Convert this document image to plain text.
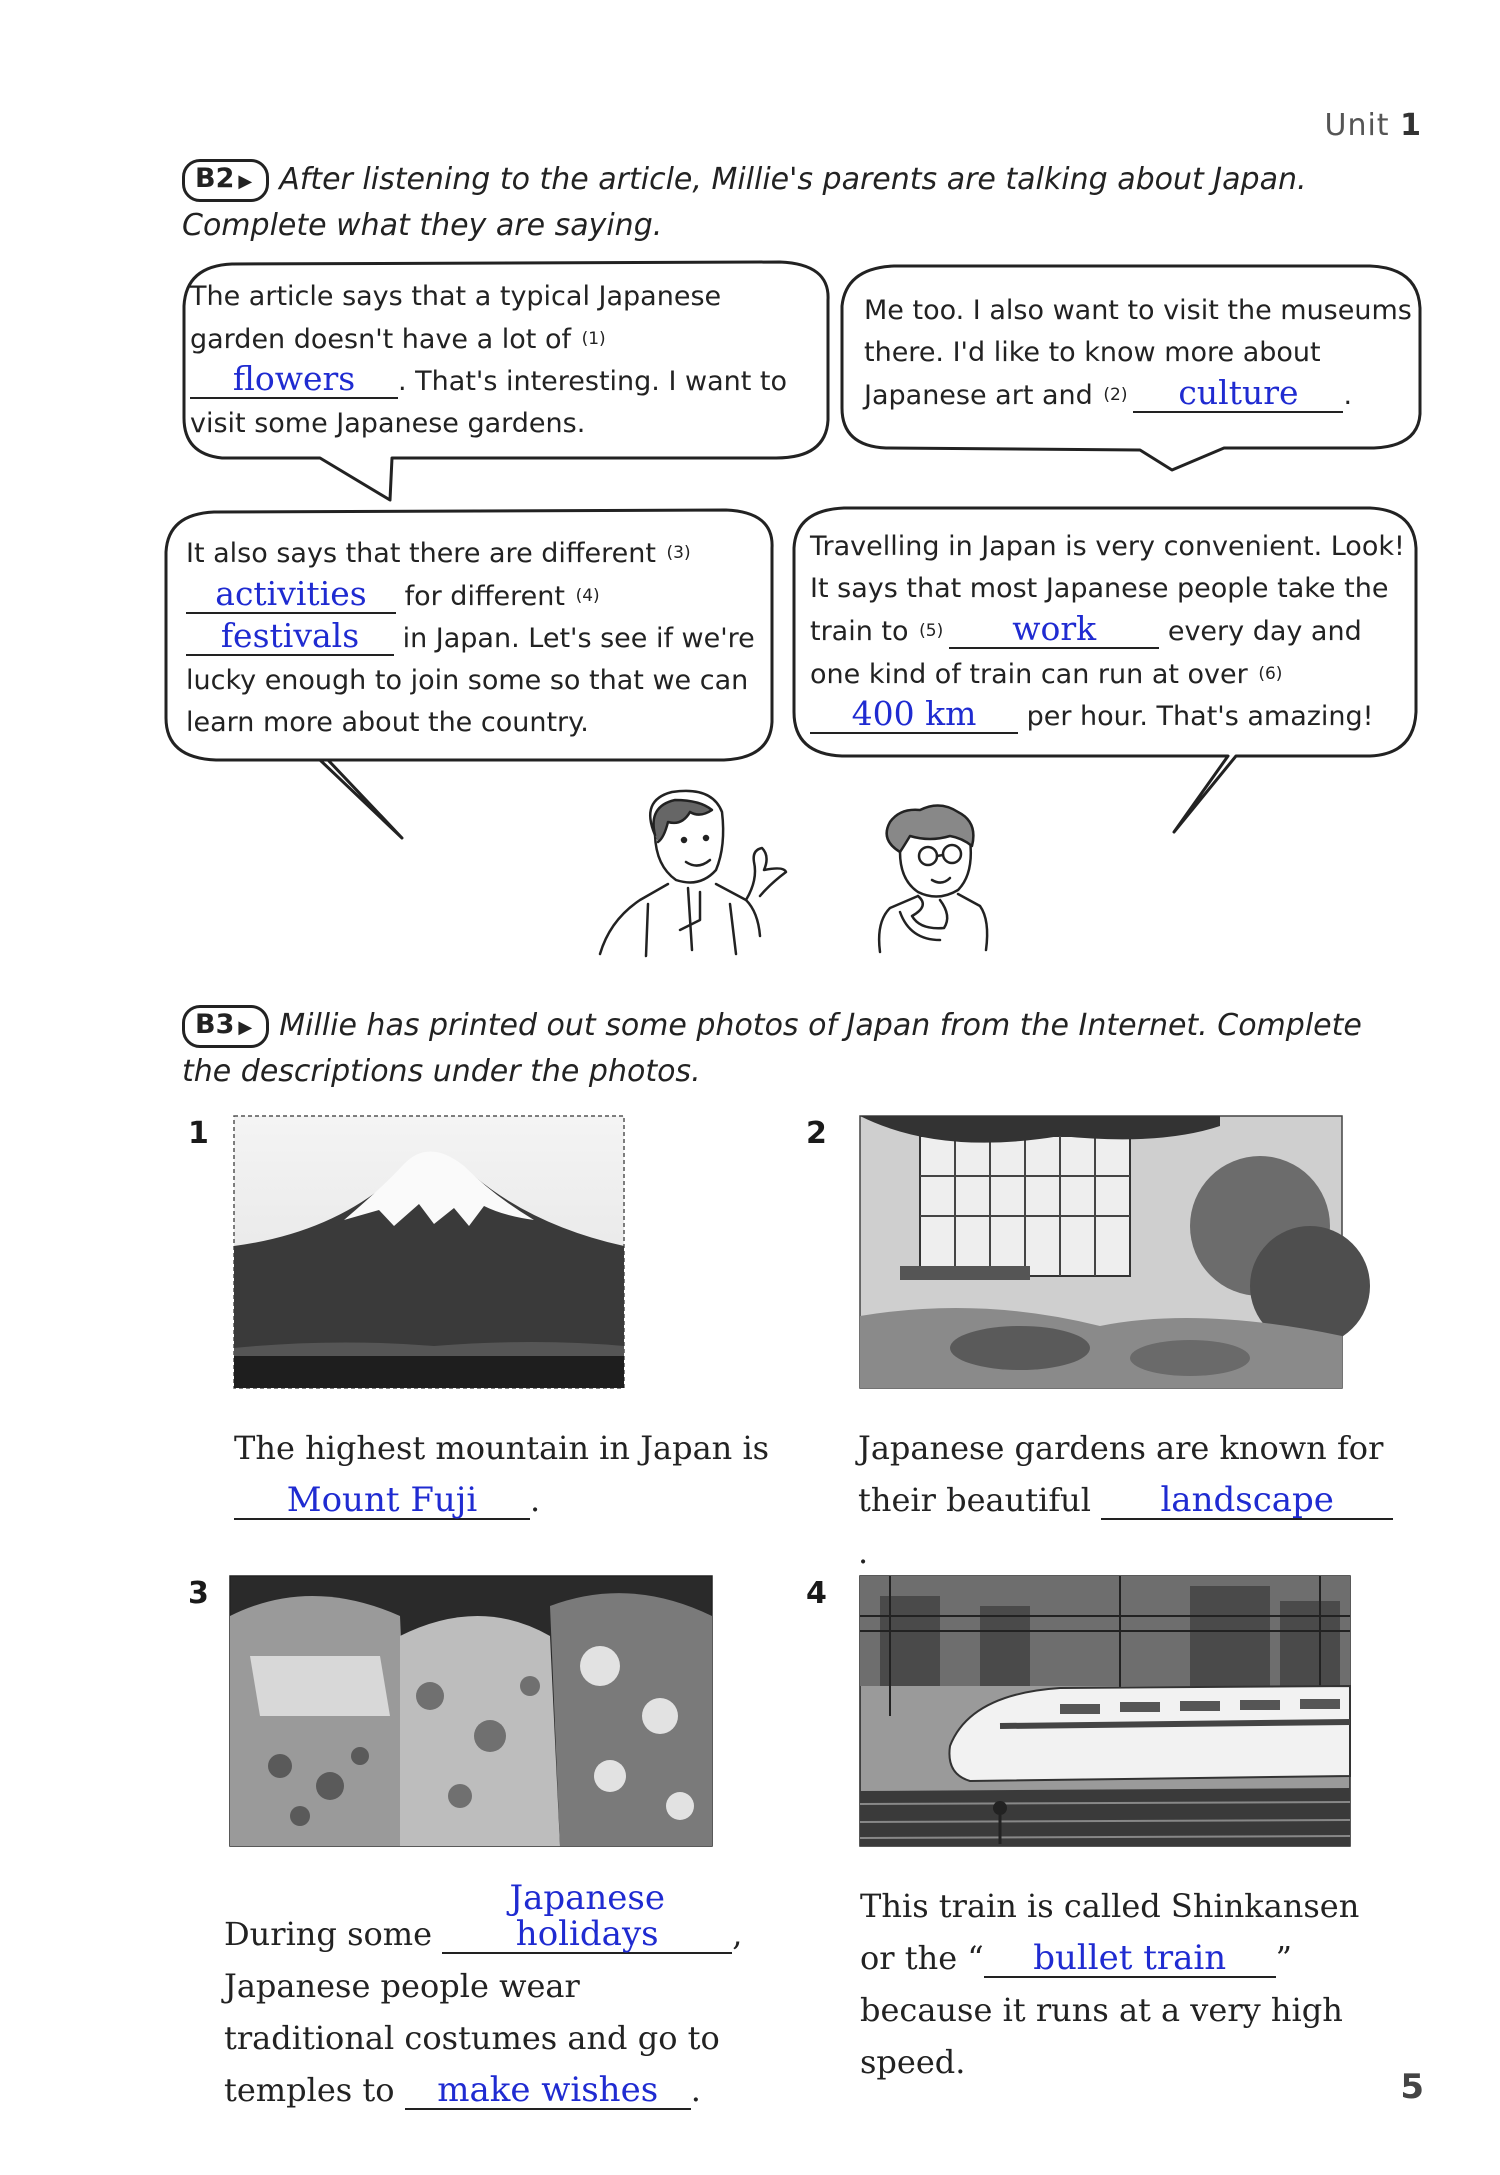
Unit 1
B2 ▶ After listening to the article, Millie's parents are talking about Japan. Complete what they are saying.
The article says that a typical Japanese garden doesn't have a lot of (1)flowers . That's interesting. I want to visit some Japanese gardens.
Me too. I also want to visit the museums there. I'd like to know more about Japanese art and (2) culture .
It also says that there are different (3)activities for different (4)festivals in Japan. Let's see if we're lucky enough to join some so that we can learn more about the country.
Travelling in Japan is very convenient. Look! It says that most Japanese people take the train to (5) work	every day and one kind of train can run at over (6)400 km per hour. That's amazing!
B3 ▶ Millie has printed out some photos of Japan from the Internet. Complete the descriptions under the photos.
1	2
3	4
The highest mountain in Japan is
Mount Fuji .
Japanese gardens are known for their beautiful landscape.
During some Japanese holidays , Japanese people wear traditional costumes and go to temples to make wishes .
This train is called Shinkansen or the “ bullet train ” because it runs at a very high speed.
5
